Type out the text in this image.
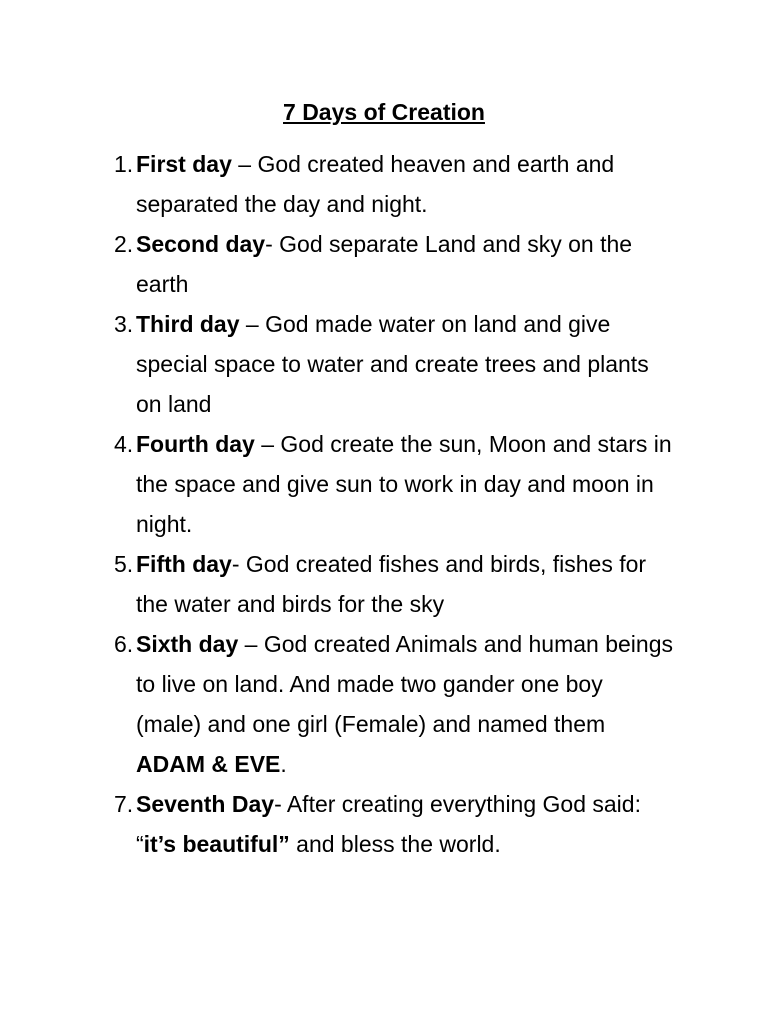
7 Days of Creation
1. First day – God created heaven and earth and separated the day and night.
2. Second day- God separate Land and sky on the earth
3. Third day – God made water on land and give special space to water and create trees and plants on land
4. Fourth day – God create the sun, Moon and stars in the space and give sun to work in day and moon in night.
5. Fifth day- God created fishes and birds, fishes for the water and birds for the sky
6. Sixth day – God created Animals and human beings to live on land. And made two gander one boy (male) and one girl (Female) and named them ADAM & EVE.
7. Seventh Day- After creating everything God said: “it’s beautiful” and bless the world.
